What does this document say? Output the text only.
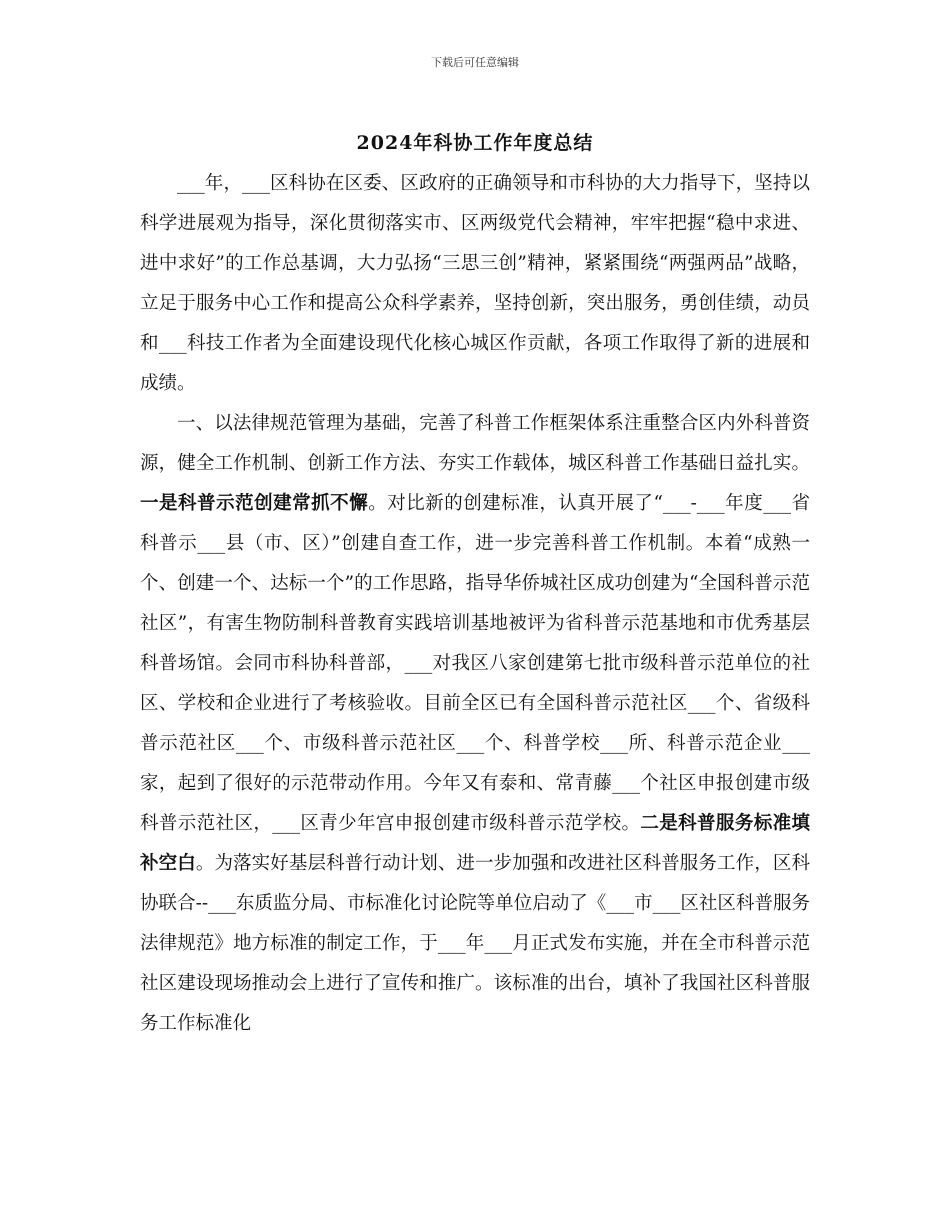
下载后可任意编辑
2024年科协工作年度总结

___年，___区科协在区委、区政府的正确领导和市科协的大力指导下，坚持以科学进展观为指导，深化贯彻落实市、区两级党代会精神，牢牢把握“稳中求进、进中求好”的工作总基调，大力弘扬“三思三创”精神，紧紧围绕“两强两品”战略，立足于服务中心工作和提高公众科学素养，坚持创新，突出服务，勇创佳绩，动员和___科技工作者为全面建设现代化核心城区作贡献，各项工作取得了新的进展和成绩。

一、以法律规范管理为基础，完善了科普工作框架体系注重整合区内外科普资源，健全工作机制、创新工作方法、夯实工作载体，城区科普工作基础日益扎实。一是科普示范创建常抓不懈。对比新的创建标准，认真开展了“___-___年度___省科普示___县（市、区）”创建自查工作，进一步完善科普工作机制。本着“成熟一个、创建一个、达标一个”的工作思路，指导华侨城社区成功创建为“全国科普示范社区”，有害生物防制科普教育实践培训基地被评为省科普示范基地和市优秀基层科普场馆。会同市科协科普部，___对我区八家创建第七批市级科普示范单位的社区、学校和企业进行了考核验收。目前全区已有全国科普示范社区___个、省级科普示范社区___个、市级科普示范社区___个、科普学校___所、科普示范企业___家，起到了很好的示范带动作用。今年又有泰和、常青藤___个社区申报创建市级科普示范社区，___区青少年宫申报创建市级科普示范学校。二是科普服务标准填补空白。为落实好基层科普行动计划、进一步加强和改进社区科普服务工作，区科协联合--___东质监分局、市标准化讨论院等单位启动了《___市___区社区科普服务法律规范》地方标准的制定工作，于___年___月正式发布实施，并在全市科普示范社区建设现场推动会上进行了宣传和推广。该标准的出台，填补了我国社区科普服务工作标准化
